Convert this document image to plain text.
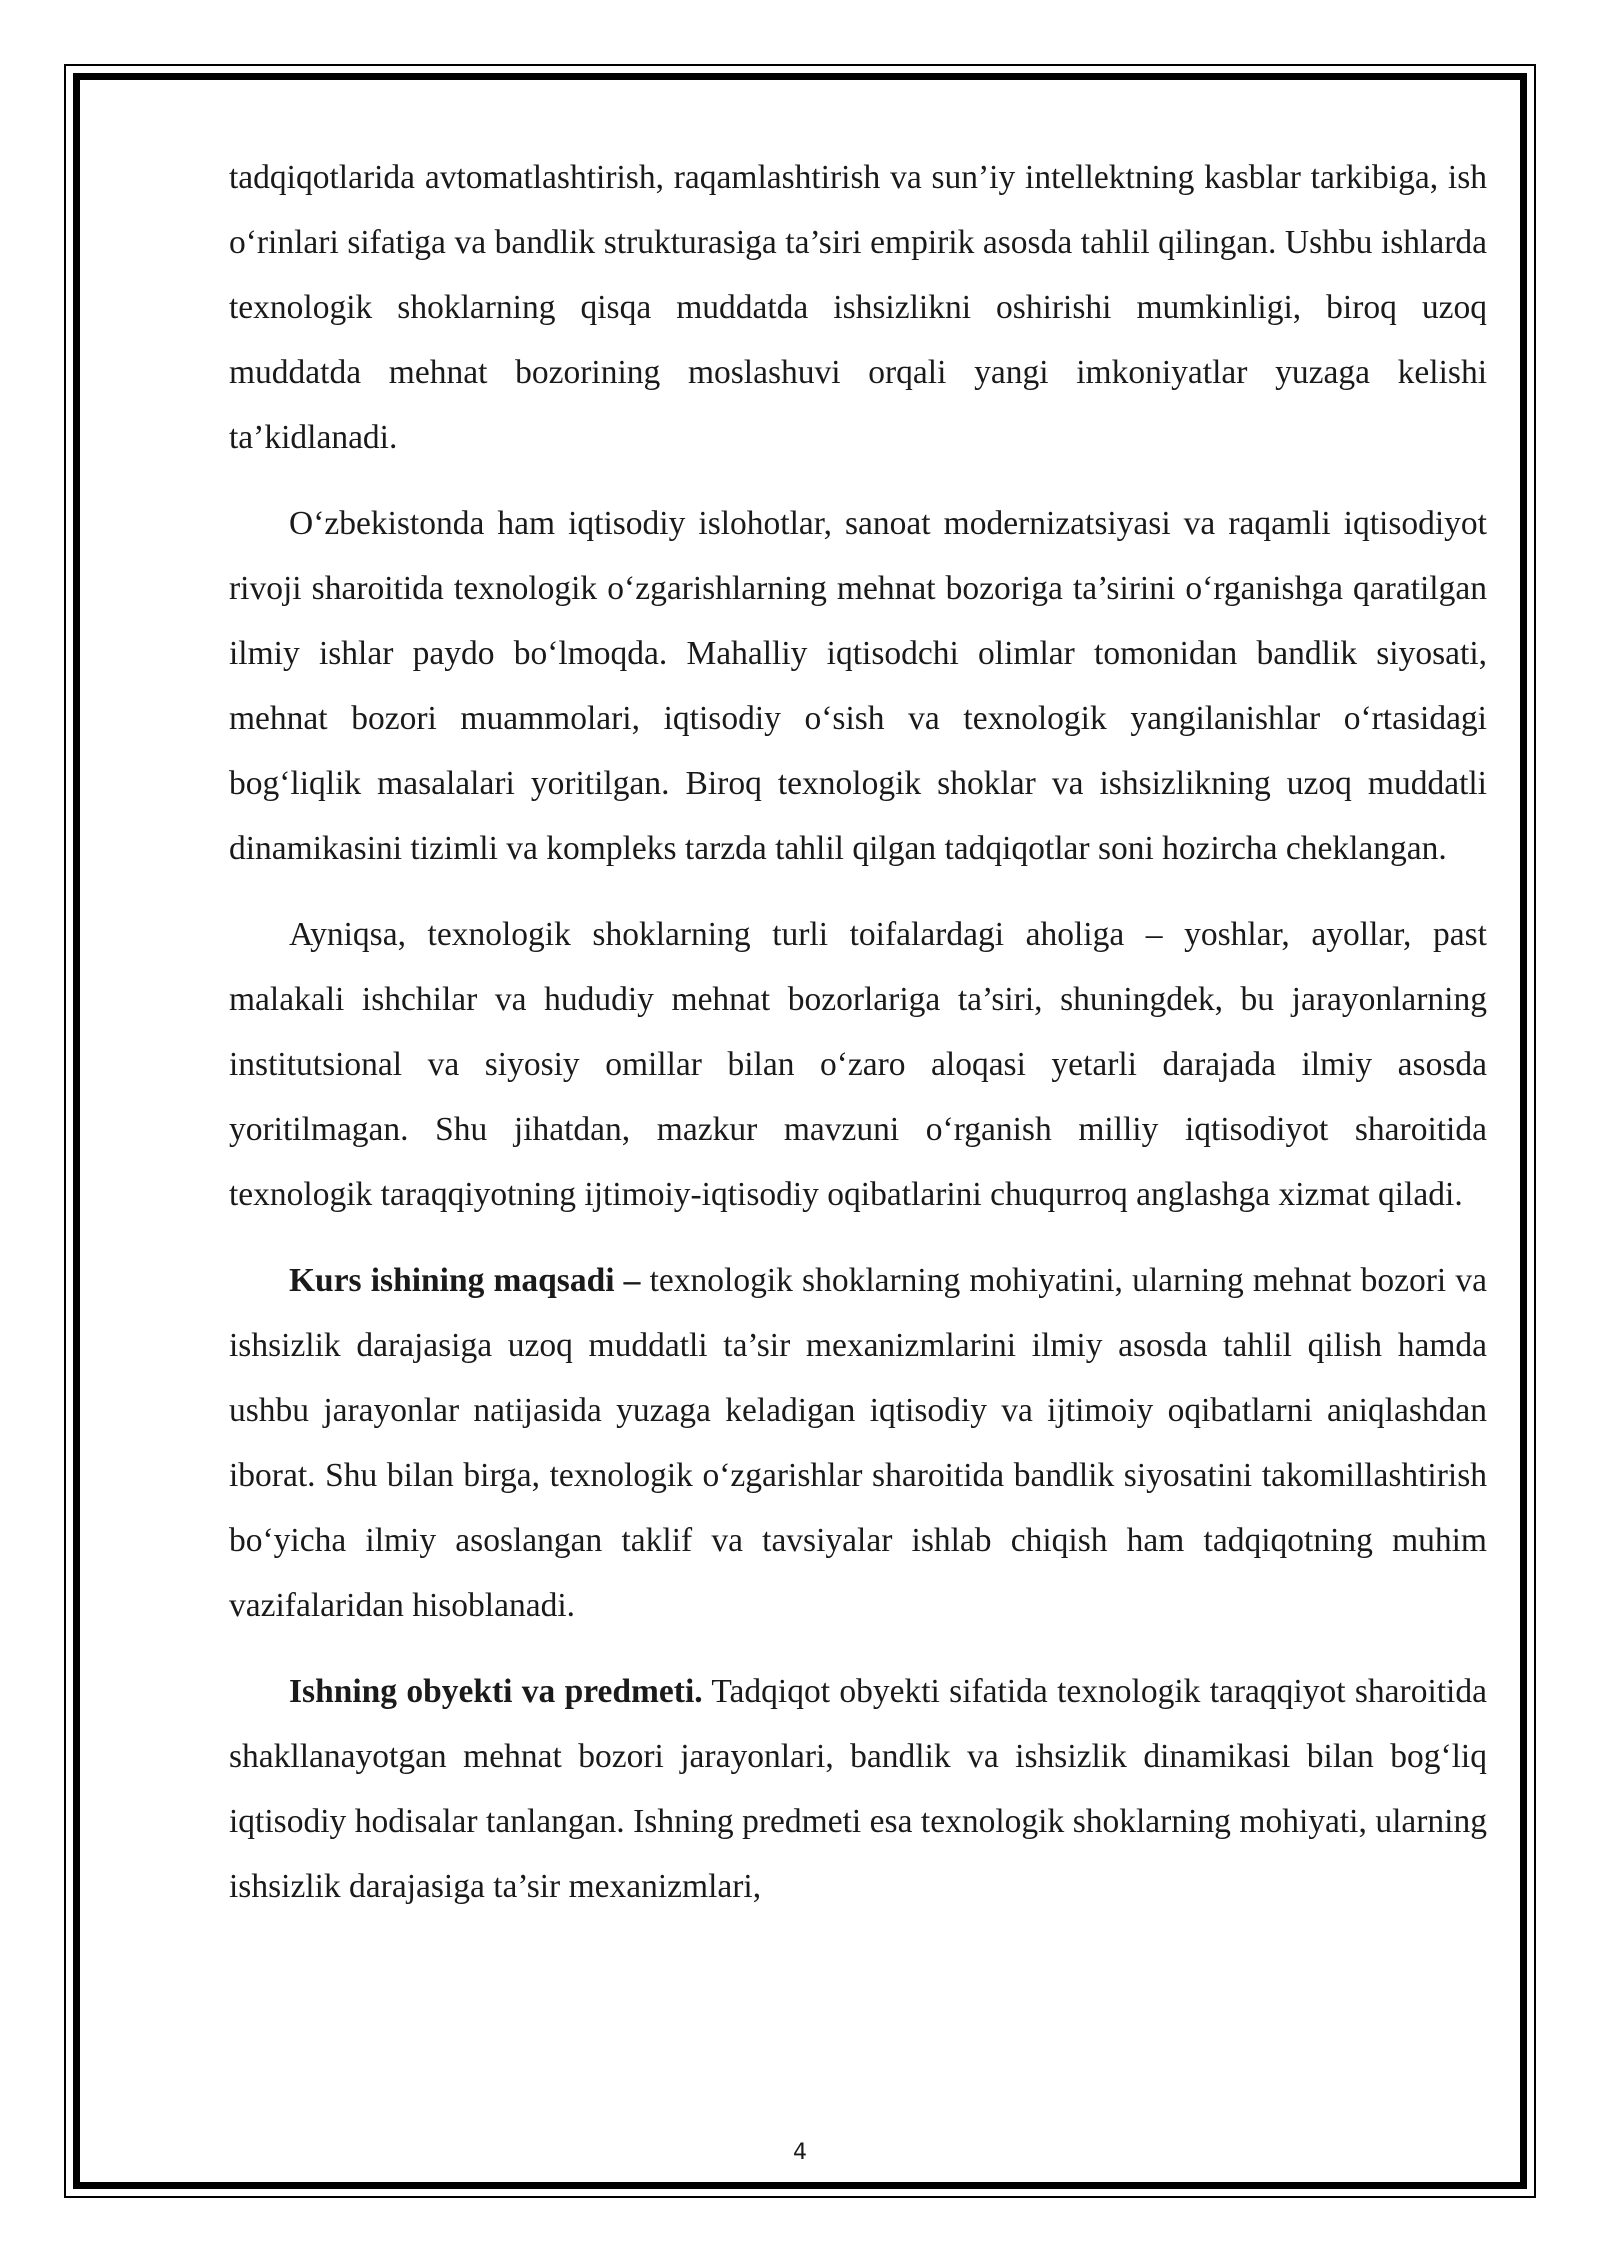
tadqiqotlarida avtomatlashtirish, raqamlashtirish va sun’iy intellektning kasblar tarkibiga, ish o‘rinlari sifatiga va bandlik strukturasiga ta’siri empirik asosda tahlil qilingan. Ushbu ishlarda texnologik shoklarning qisqa muddatda ishsizlikni oshirishi mumkinligi, biroq uzoq muddatda mehnat bozorining moslashuvi orqali yangi imkoniyatlar yuzaga kelishi ta’kidlanadi.

O‘zbekistonda ham iqtisodiy islohotlar, sanoat modernizatsiyasi va raqamli iqtisodiyot rivoji sharoitida texnologik o‘zgarishlarning mehnat bozoriga ta’sirini o‘rganishga qaratilgan ilmiy ishlar paydo bo‘lmoqda. Mahalliy iqtisodchi olimlar tomonidan bandlik siyosati, mehnat bozori muammolari, iqtisodiy o‘sish va texnologik yangilanishlar o‘rtasidagi bog‘liqlik masalalari yoritilgan. Biroq texnologik shoklar va ishsizlikning uzoq muddatli dinamikasini tizimli va kompleks tarzda tahlil qilgan tadqiqotlar soni hozircha cheklangan.

Ayniqsa, texnologik shoklarning turli toifalardagi aholiga – yoshlar, ayollar, past malakali ishchilar va hududiy mehnat bozorlariga ta’siri, shuningdek, bu jarayonlarning institutsional va siyosiy omillar bilan o‘zaro aloqasi yetarli darajada ilmiy asosda yoritilmagan. Shu jihatdan, mazkur mavzuni o‘rganish milliy iqtisodiyot sharoitida texnologik taraqqiyotning ijtimoiy-iqtisodiy oqibatlarini chuqurroq anglashga xizmat qiladi.

Kurs ishining maqsadi – texnologik shoklarning mohiyatini, ularning mehnat bozori va ishsizlik darajasiga uzoq muddatli ta’sir mexanizmlarini ilmiy asosda tahlil qilish hamda ushbu jarayonlar natijasida yuzaga keladigan iqtisodiy va ijtimoiy oqibatlarni aniqlashdan iborat. Shu bilan birga, texnologik o‘zgarishlar sharoitida bandlik siyosatini takomillashtirish bo‘yicha ilmiy asoslangan taklif va tavsiyalar ishlab chiqish ham tadqiqotning muhim vazifalaridan hisoblanadi.

Ishning obyekti va predmeti. Tadqiqot obyekti sifatida texnologik taraqqiyot sharoitida shakllanayotgan mehnat bozori jarayonlari, bandlik va ishsizlik dinamikasi bilan bog‘liq iqtisodiy hodisalar tanlangan. Ishning predmeti esa texnologik shoklarning mohiyati, ularning ishsizlik darajasiga ta’sir mexanizmlari,

4
